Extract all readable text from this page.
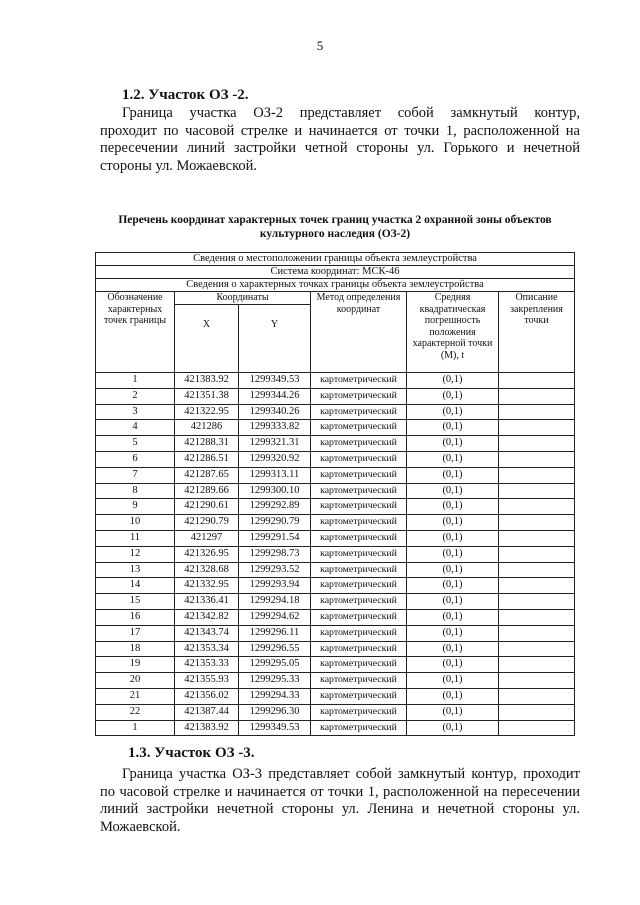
5
1.2. Участок ОЗ -2.
Граница участка ОЗ-2 представляет собой замкнутый контур,
проходит по часовой стрелке и начинается от точки 1, расположенной на
пересечении линий застройки четной стороны ул. Горького и нечетной
стороны ул. Можаевской.
Перечень координат характерных точек границ участка 2 охранной зоны объектов
культурного наследия (ОЗ-2)
Сведения о местоположении границы объекта землеустройства					
Система координат: МСК-46					
Сведения о характерных точках границы объекта землеустройства					
Обозначение характерных точек границы	Координаты		Метод определения координат	Средняя квадратическая погрешность положения характерной точки (М), t	Описание закрепления точки
	X	Y			
1	421383.92	1299349.53	картометрический	(0,1)	
2	421351.38	1299344.26	картометрический	(0,1)	
3	421322.95	1299340.26	картометрический	(0,1)	
4	421286	1299333.82	картометрический	(0,1)	
5	421288.31	1299321.31	картометрический	(0,1)	
6	421286.51	1299320.92	картометрический	(0,1)	
7	421287.65	1299313.11	картометрический	(0,1)	
8	421289.66	1299300.10	картометрический	(0,1)	
9	421290.61	1299292.89	картометрический	(0,1)	
10	421290.79	1299290.79	картометрический	(0,1)	
11	421297	1299291.54	картометрический	(0,1)	
12	421326.95	1299298.73	картометрический	(0,1)	
13	421328.68	1299293.52	картометрический	(0,1)	
14	421332.95	1299293.94	картометрический	(0,1)	
15	421336.41	1299294.18	картометрический	(0,1)	
16	421342.82	1299294.62	картометрический	(0,1)	
17	421343.74	1299296.11	картометрический	(0,1)	
18	421353.34	1299296.55	картометрический	(0,1)	
19	421353.33	1299295.05	картометрический	(0,1)	
20	421355.93	1299295.33	картометрический	(0,1)	
21	421356.02	1299294.33	картометрический	(0,1)	
22	421387.44	1299296.30	картометрический	(0,1)	
1	421383.92	1299349.53	картометрический	(0,1)	
1.3. Участок ОЗ -3.
Граница участка ОЗ-3 представляет собой замкнутый контур, проходит
по часовой стрелке и начинается от точки 1, расположенной на пересечении
линий застройки нечетной стороны ул. Ленина и нечетной стороны ул.
Можаевской.
